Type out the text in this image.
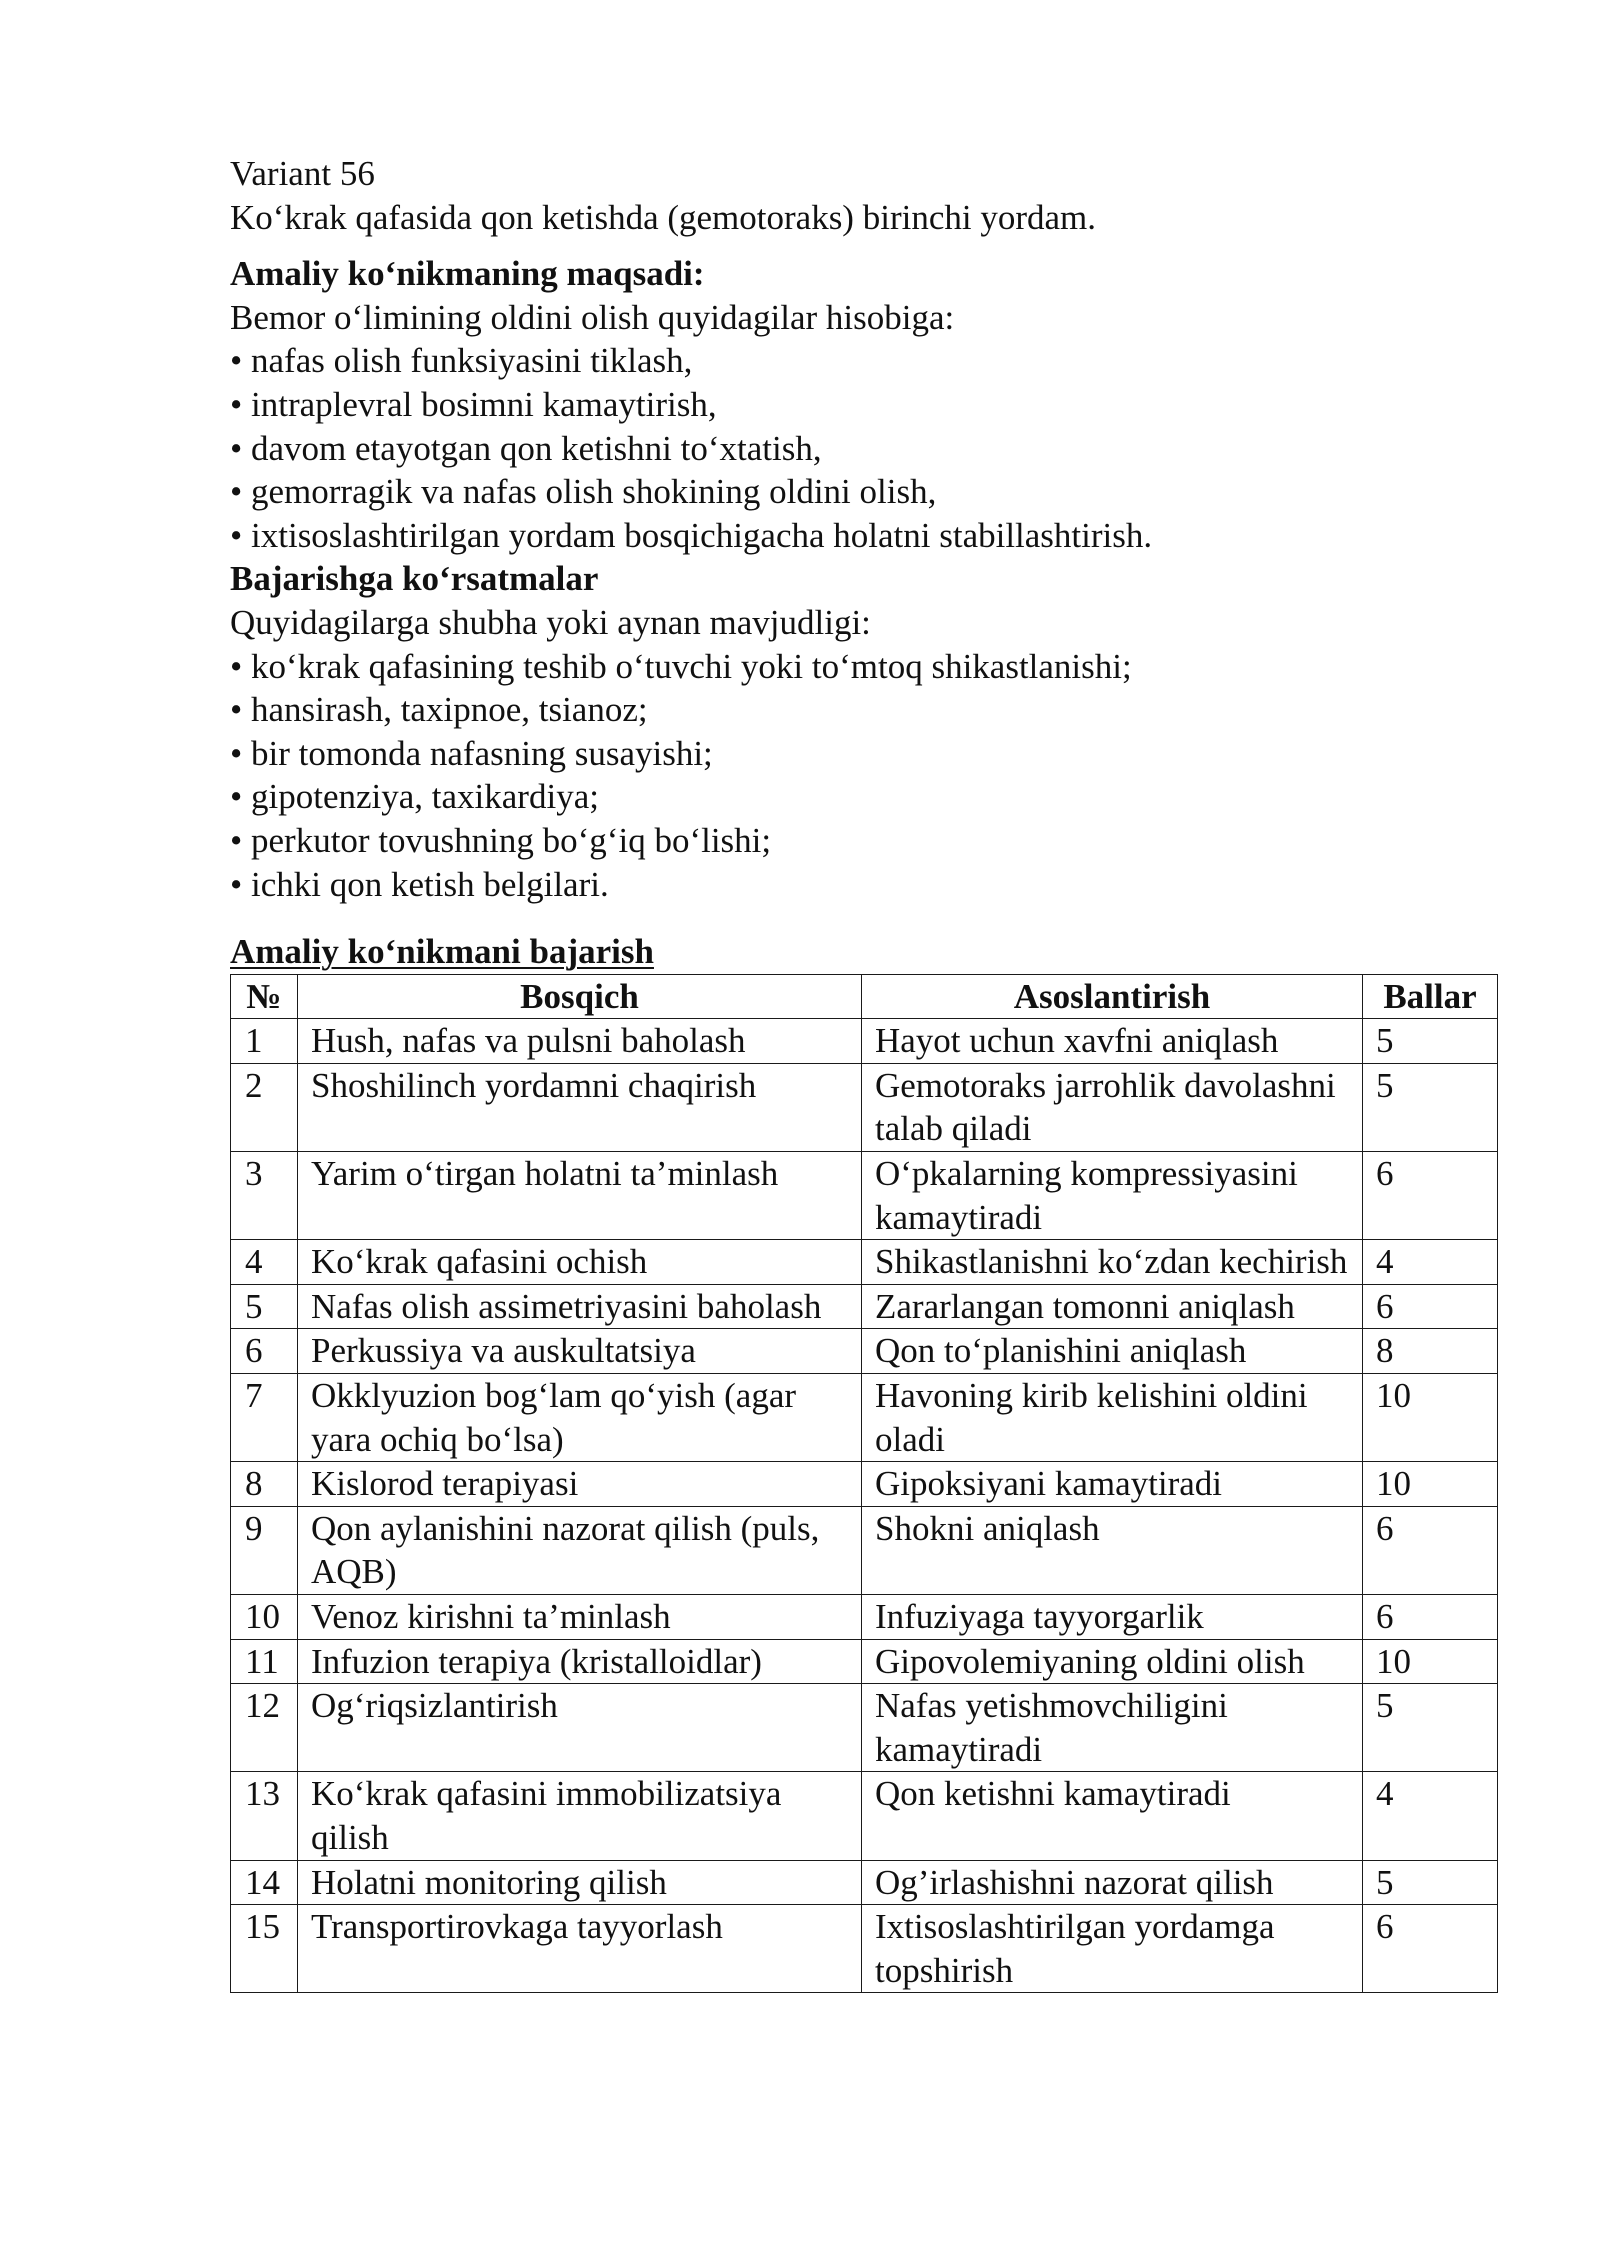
Variant 56
Ko‘krak qafasida qon ketishda (gemotoraks) birinchi yordam.
Amaliy ko‘nikmaning maqsadi:
Bemor o‘limining oldini olish quyidagilar hisobiga:
• nafas olish funksiyasini tiklash,
• intraplevral bosimni kamaytirish,
• davom etayotgan qon ketishni to‘xtatish,
• gemorragik va nafas olish shokining oldini olish,
• ixtisoslashtirilgan yordam bosqichigacha holatni stabillashtirish.
Bajarishga ko‘rsatmalar
Quyidagilarga shubha yoki aynan mavjudligi:
• ko‘krak qafasining teshib o‘tuvchi yoki to‘mtoq shikastlanishi;
• hansirash, taxipnoe, tsianoz;
• bir tomonda nafasning susayishi;
• gipotenziya, taxikardiya;
• perkutor tovushning bo‘g‘iq bo‘lishi;
• ichki qon ketish belgilari.
Amaliy ko‘nikmani bajarish
№	Bosqich	Asoslantirish	Ballar
1	Hush, nafas va pulsni baholash	Hayot uchun xavfni aniqlash	5
2	Shoshilinch yordamni chaqirish	Gemotoraks jarrohlik davolashni talab qiladi	5
3	Yarim o‘tirgan holatni ta’minlash	O‘pkalarning kompressiyasini kamaytiradi	6
4	Ko‘krak qafasini ochish	Shikastlanishni ko‘zdan kechirish	4
5	Nafas olish assimetriyasini baholash	Zararlangan tomonni aniqlash	6
6	Perkussiya va auskultatsiya	Qon to‘planishini aniqlash	8
7	Okklyuzion bog‘lam qo‘yish (agar yara ochiq bo‘lsa)	Havoning kirib kelishini oldini oladi	10
8	Kislorod terapiyasi	Gipoksiyani kamaytiradi	10
9	Qon aylanishini nazorat qilish (puls, AQB)	Shokni aniqlash	6
10	Venoz kirishni ta’minlash	Infuziyaga tayyorgarlik	6
11	Infuzion terapiya (kristalloidlar)	Gipovolemiyaning oldini olish	10
12	Og‘riqsizlantirish	Nafas yetishmovchiligini kamaytiradi	5
13	Ko‘krak qafasini immobilizatsiya qilish	Qon ketishni kamaytiradi	4
14	Holatni monitoring qilish	Og’irlashishni nazorat qilish	5
15	Transportirovkaga tayyorlash	Ixtisoslashtirilgan yordamga topshirish	6
